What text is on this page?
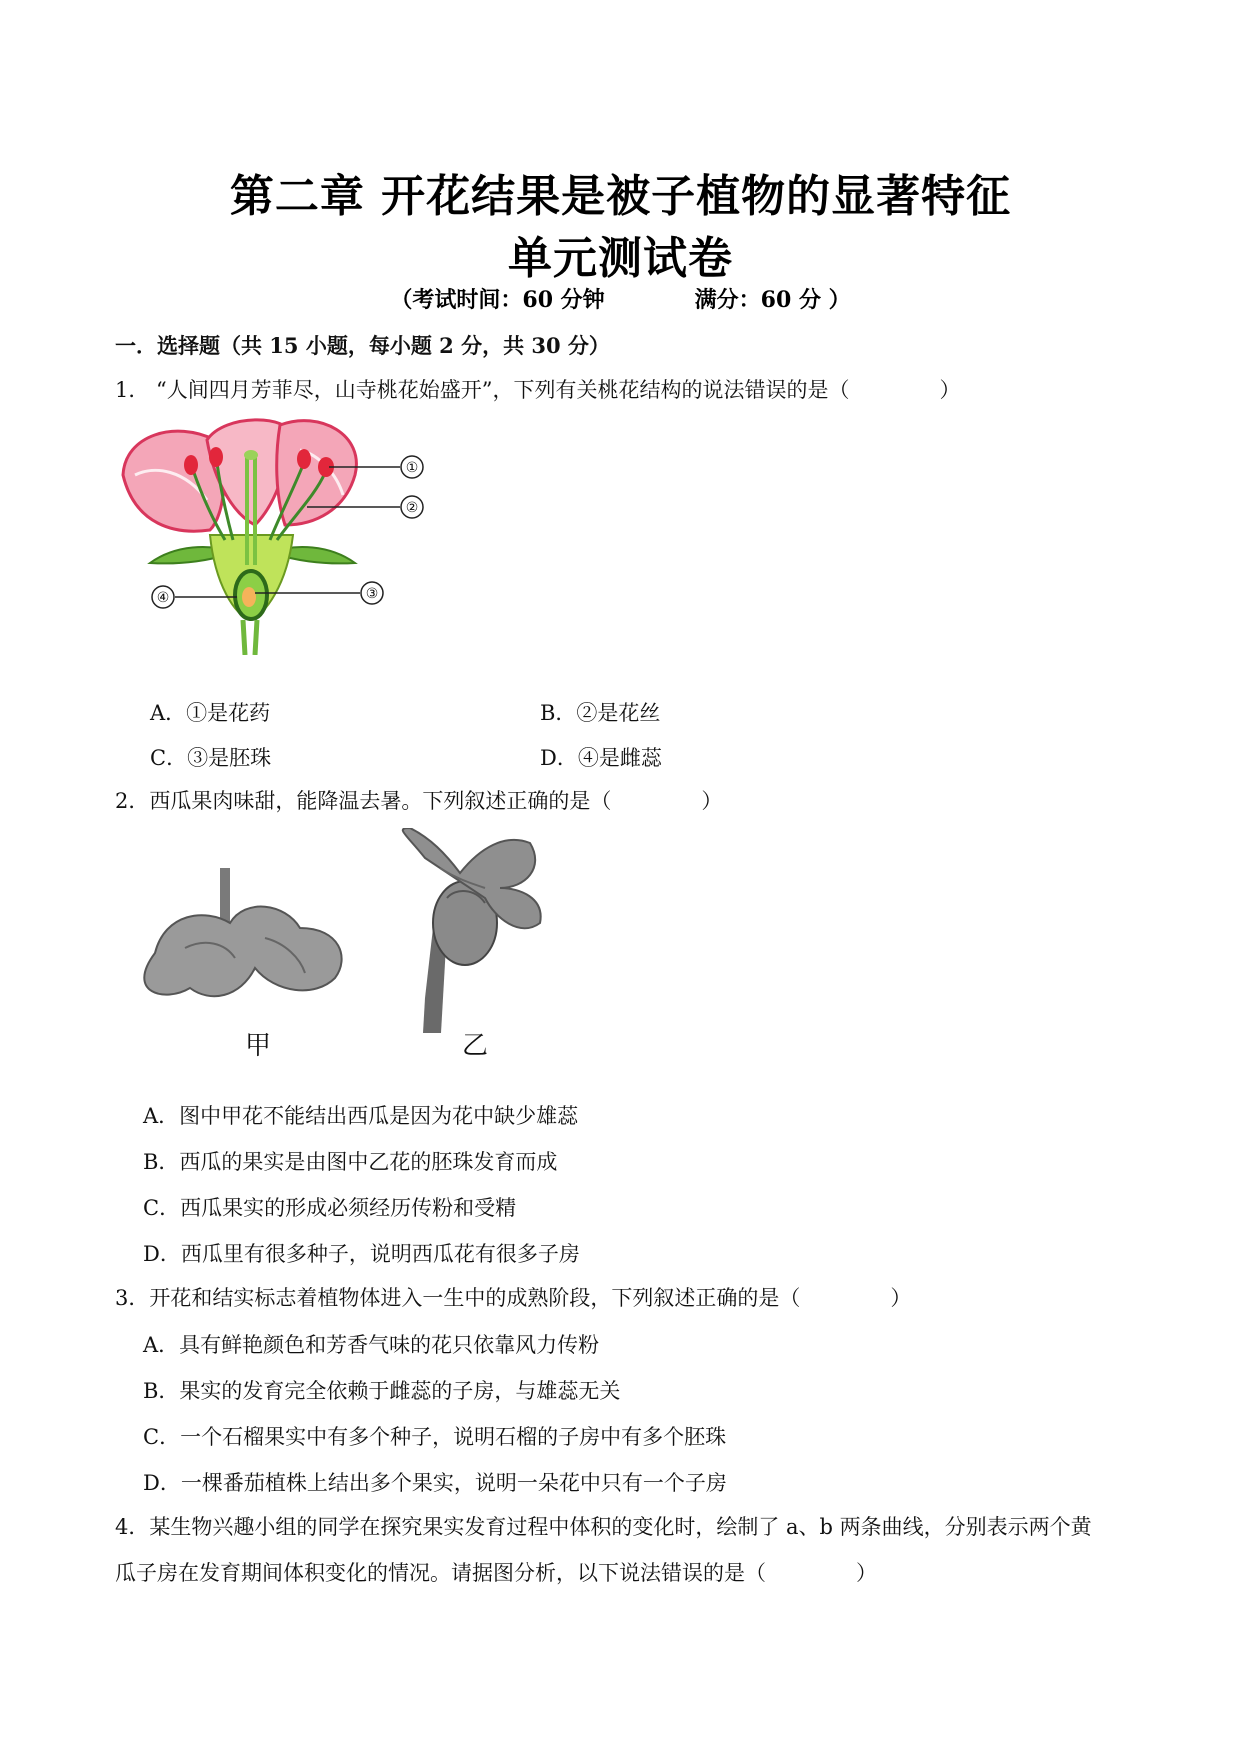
第二章 开花结果是被子植物的显著特征
单元测试卷
（考试时间：60 分钟	满分：60 分 ）
一．选择题（共 15 小题，每小题 2 分，共 30 分）
1． “人间四月芳菲尽，山寺桃花始盛开”，下列有关桃花结构的说法错误的是（	）
①
②
③
④
A．①是花药	B．②是花丝
C．③是胚珠	D．④是雌蕊
2．西瓜果肉味甜，能降温去暑。下列叙述正确的是（	）
甲	乙
A．图中甲花不能结出西瓜是因为花中缺少雄蕊
B．西瓜的果实是由图中乙花的胚珠发育而成
C．西瓜果实的形成必须经历传粉和受精
D．西瓜里有很多种子，说明西瓜花有很多子房
3．开花和结实标志着植物体进入一生中的成熟阶段，下列叙述正确的是（	）
A．具有鲜艳颜色和芳香气味的花只依靠风力传粉
B．果实的发育完全依赖于雌蕊的子房，与雄蕊无关
C．一个石榴果实中有多个种子，说明石榴的子房中有多个胚珠
D．一棵番茄植株上结出多个果实，说明一朵花中只有一个子房
4．某生物兴趣小组的同学在探究果实发育过程中体积的变化时，绘制了 a、b 两条曲线，分别表示两个黄
瓜子房在发育期间体积变化的情况。请据图分析，以下说法错误的是（	）
